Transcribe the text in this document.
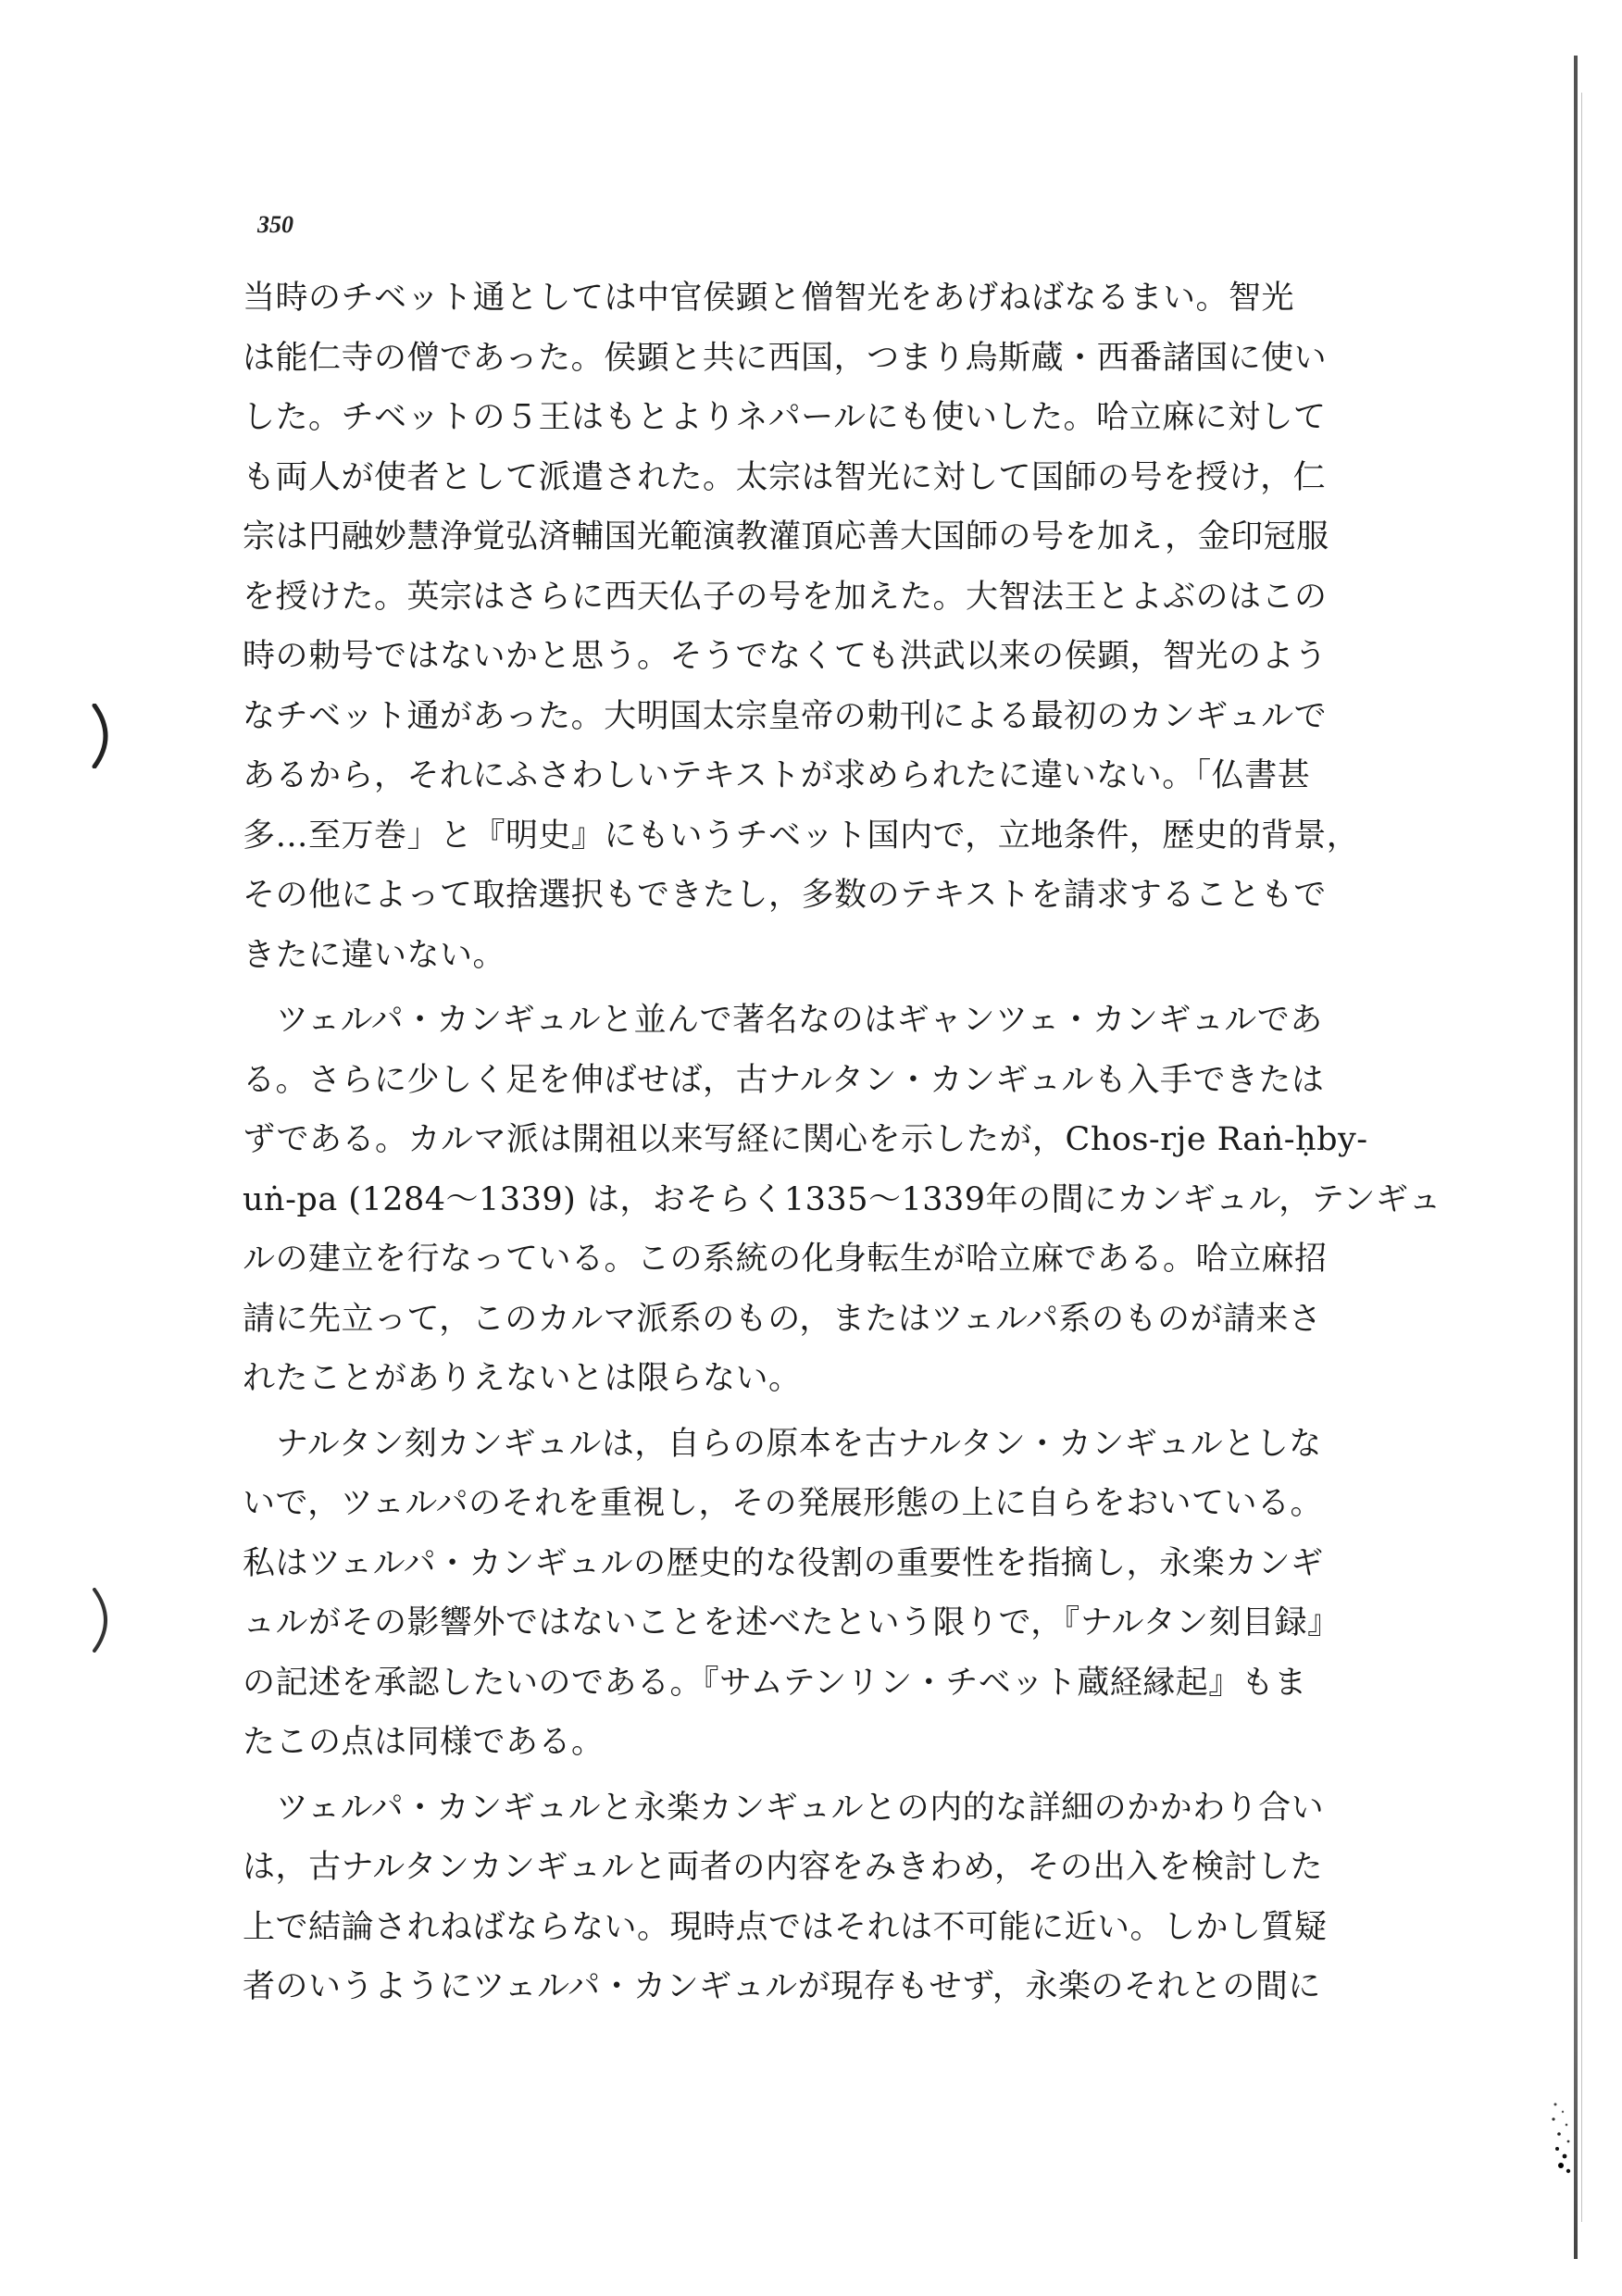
350
当時のチベット通としては中官侯顕と僧智光をあげねばなるまい。智光
は能仁寺の僧であった。侯顕と共に西国，つまり烏斯蔵・西番諸国に使い
した。チベットの５王はもとよりネパールにも使いした。哈立麻に対して
も両人が使者として派遣された。太宗は智光に対して国師の号を授け，仁
宗は円融妙慧浄覚弘済輔国光範演教灌頂応善大国師の号を加え，金印冠服
を授けた。英宗はさらに西天仏子の号を加えた。大智法王とよぶのはこの
時の勅号ではないかと思う。そうでなくても洪武以来の侯顕，智光のよう
なチベット通があった。大明国太宗皇帝の勅刊による最初のカンギュルで
あるから，それにふさわしいテキストが求められたに違いない。「仏書甚
多…至万巻」と『明史』にもいうチベット国内で，立地条件，歴史的背景，
その他によって取捨選択もできたし，多数のテキストを請求することもで
きたに違いない。
ツェルパ・カンギュルと並んで著名なのはギャンツェ・カンギュルであ
る。さらに少しく足を伸ばせば，古ナルタン・カンギュルも入手できたは
ずである。カルマ派は開祖以来写経に関心を示したが，Chos-rje Raṅ-ḥby-
uṅ-pa (1284〜1339) は，おそらく1335〜1339年の間にカンギュル，テンギュ
ルの建立を行なっている。この系統の化身転生が哈立麻である。哈立麻招
請に先立って，このカルマ派系のもの，またはツェルパ系のものが請来さ
れたことがありえないとは限らない。
ナルタン刻カンギュルは，自らの原本を古ナルタン・カンギュルとしな
いで，ツェルパのそれを重視し，その発展形態の上に自らをおいている。
私はツェルパ・カンギュルの歴史的な役割の重要性を指摘し，永楽カンギ
ュルがその影響外ではないことを述べたという限りで，『ナルタン刻目録』
の記述を承認したいのである。『サムテンリン・チベット蔵経縁起』もま
たこの点は同様である。
ツェルパ・カンギュルと永楽カンギュルとの内的な詳細のかかわり合い
は，古ナルタンカンギュルと両者の内容をみきわめ，その出入を検討した
上で結論されねばならない。現時点ではそれは不可能に近い。しかし質疑
者のいうようにツェルパ・カンギュルが現存もせず，永楽のそれとの間に
